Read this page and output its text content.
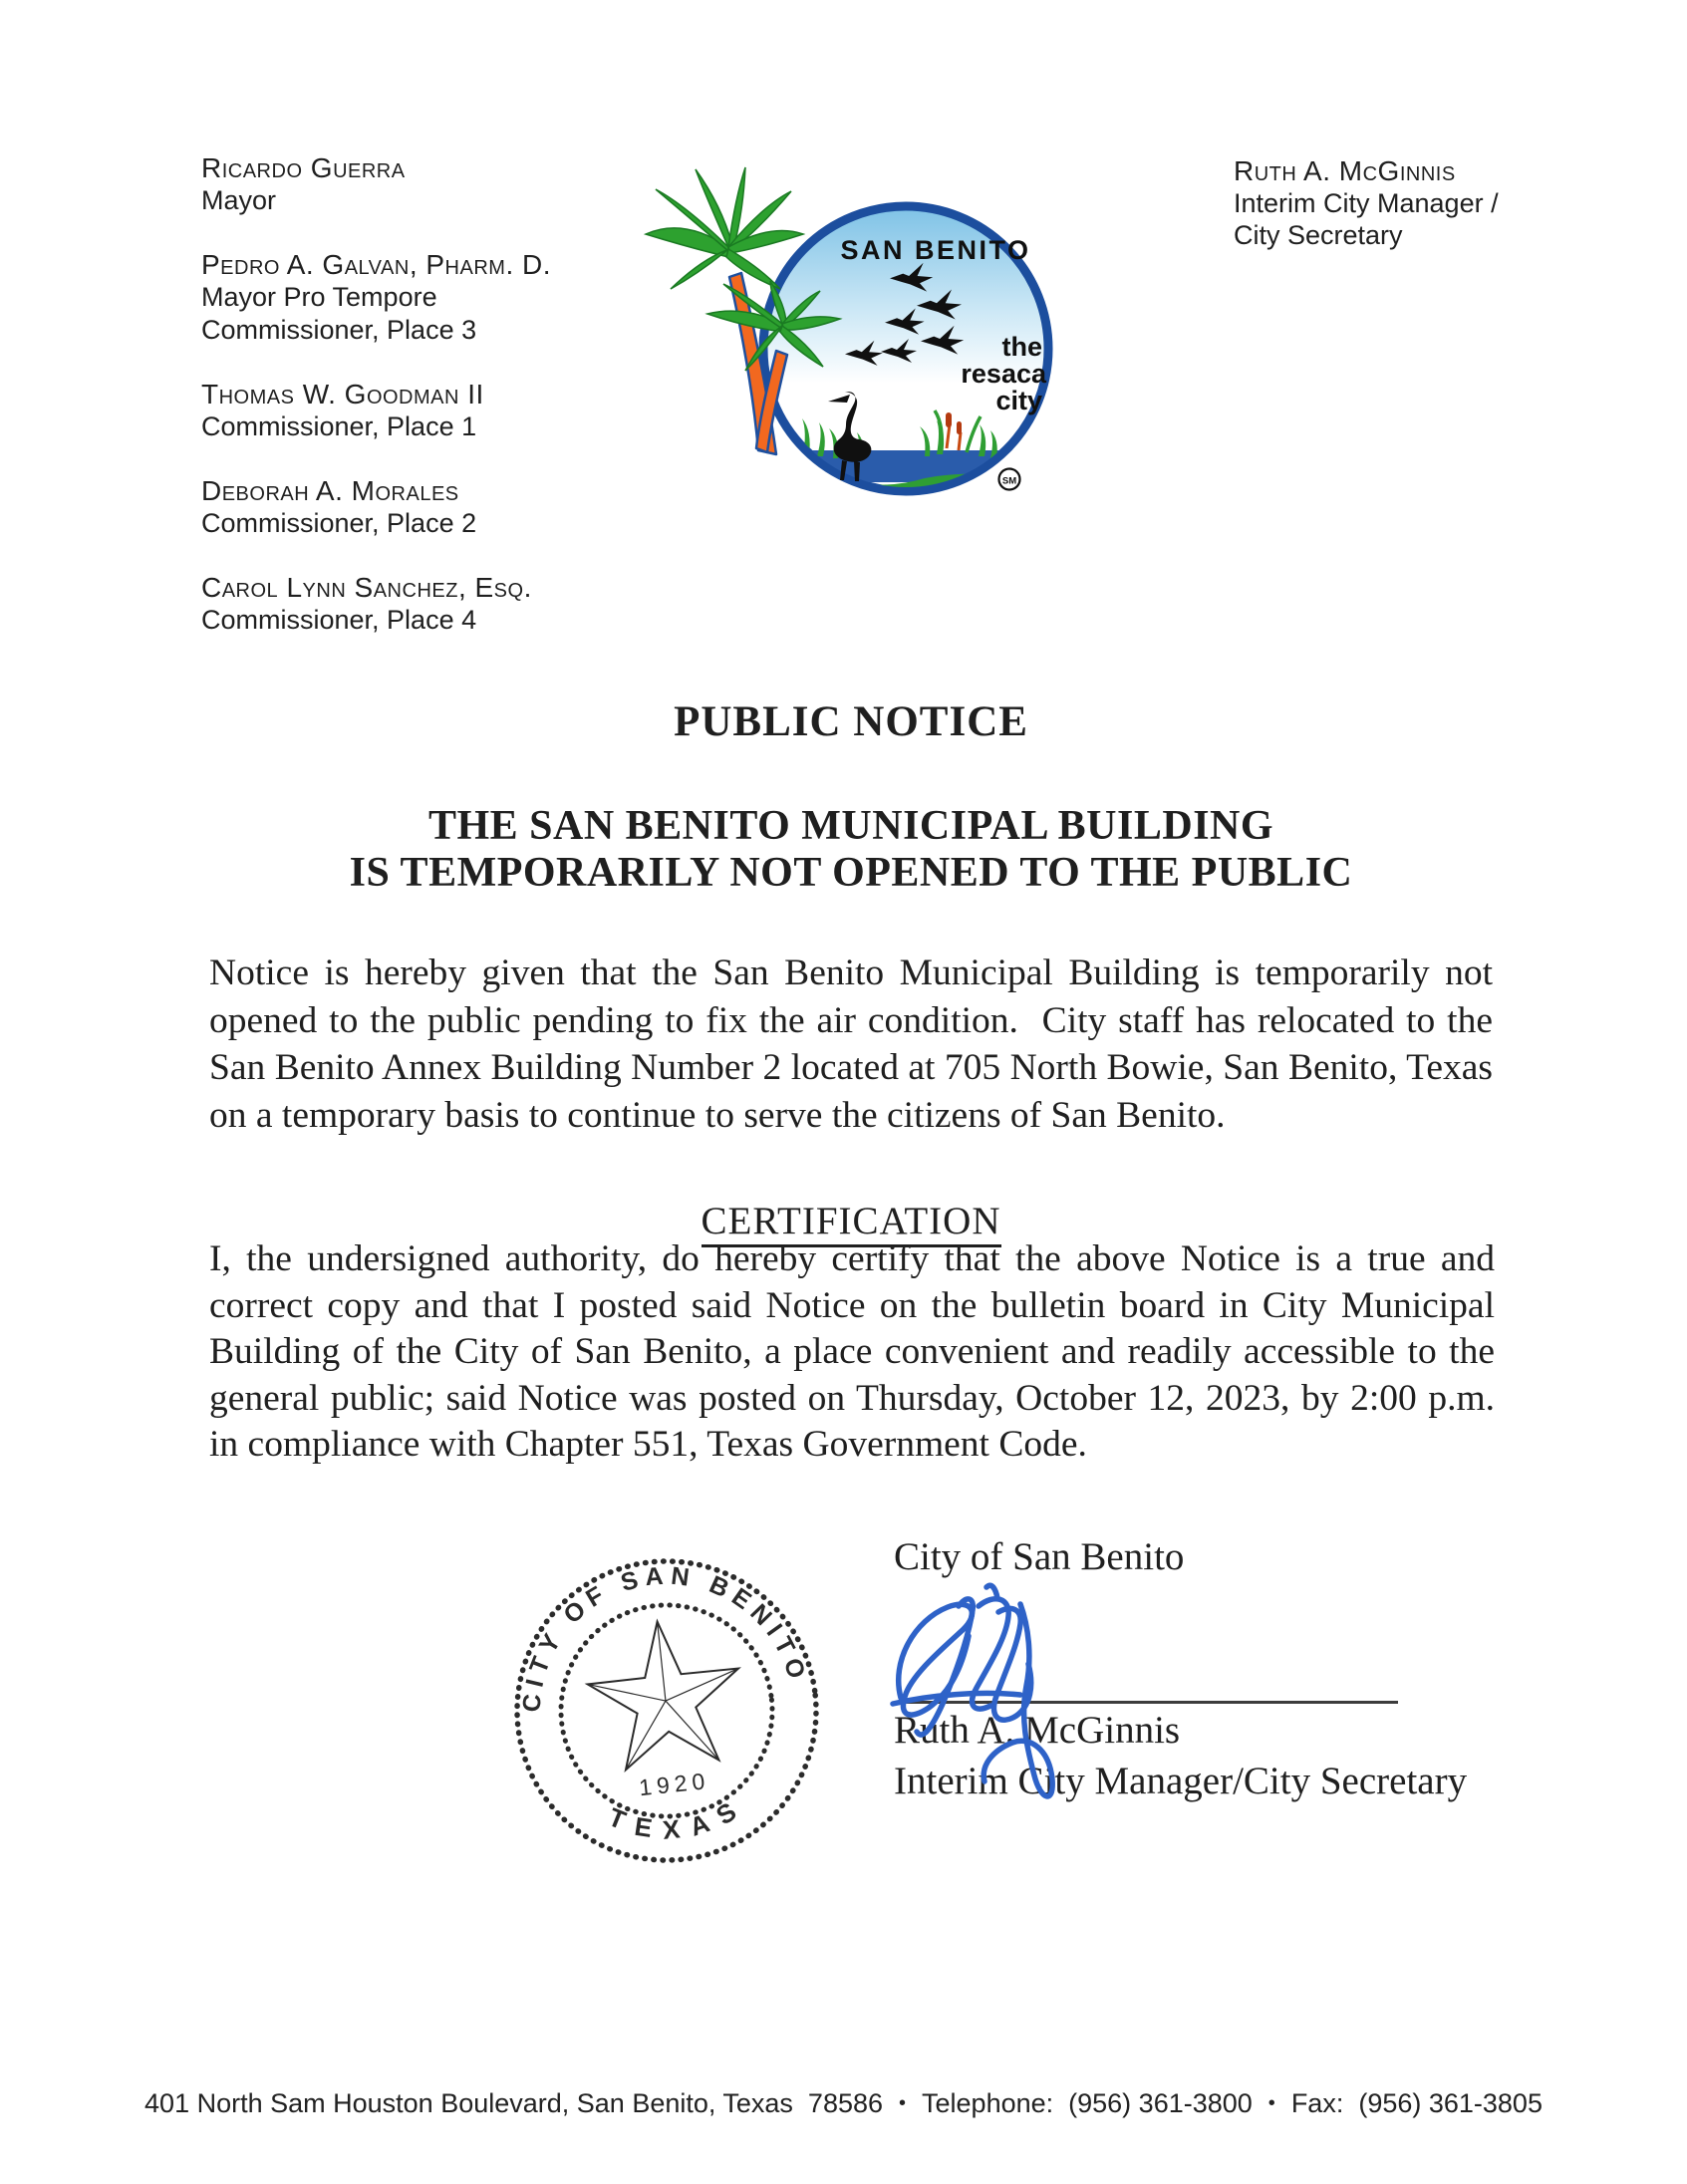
Ricardo Guerra
Mayor
Pedro A. Galvan, Pharm. D.
Mayor Pro Tempore
Commissioner, Place 3
Thomas W. Goodman II
Commissioner, Place 1
Deborah A. Morales
Commissioner, Place 2
Carol Lynn Sanchez, Esq.
Commissioner, Place 4
Ruth A. McGinnis
Interim City Manager /
City Secretary
SAN BENITO
the
resaca
city
SM
PUBLIC NOTICE
THE SAN BENITO MUNICIPAL BUILDING
IS TEMPORARILY NOT OPENED TO THE PUBLIC
Notice is hereby given that the San Benito Municipal Building is temporarily not opened to the public pending to fix the air condition.  City staff has relocated to the San Benito Annex Building Number 2 located at 705 North Bowie, San Benito, Texas on a temporary basis to continue to serve the citizens of San Benito.
CERTIFICATION
I, the undersigned authority, do hereby certify that the above Notice is a true and correct copy and that I posted said Notice on the bulletin board in City Municipal Building of the City of San Benito, a place convenient and readily accessible to the general public; said Notice was posted on Thursday, October 12, 2023, by 2:00 p.m. in compliance with Chapter 551, Texas Government Code.
CITY OF SAN BENITO
TEXAS
1920
City of San Benito
Ruth A. McGinnis
Interim City Manager/City Secretary
401 North Sam Houston Boulevard, San Benito, Texas  78586 • Telephone:  (956) 361-3800 • Fax:  (956) 361-3805
